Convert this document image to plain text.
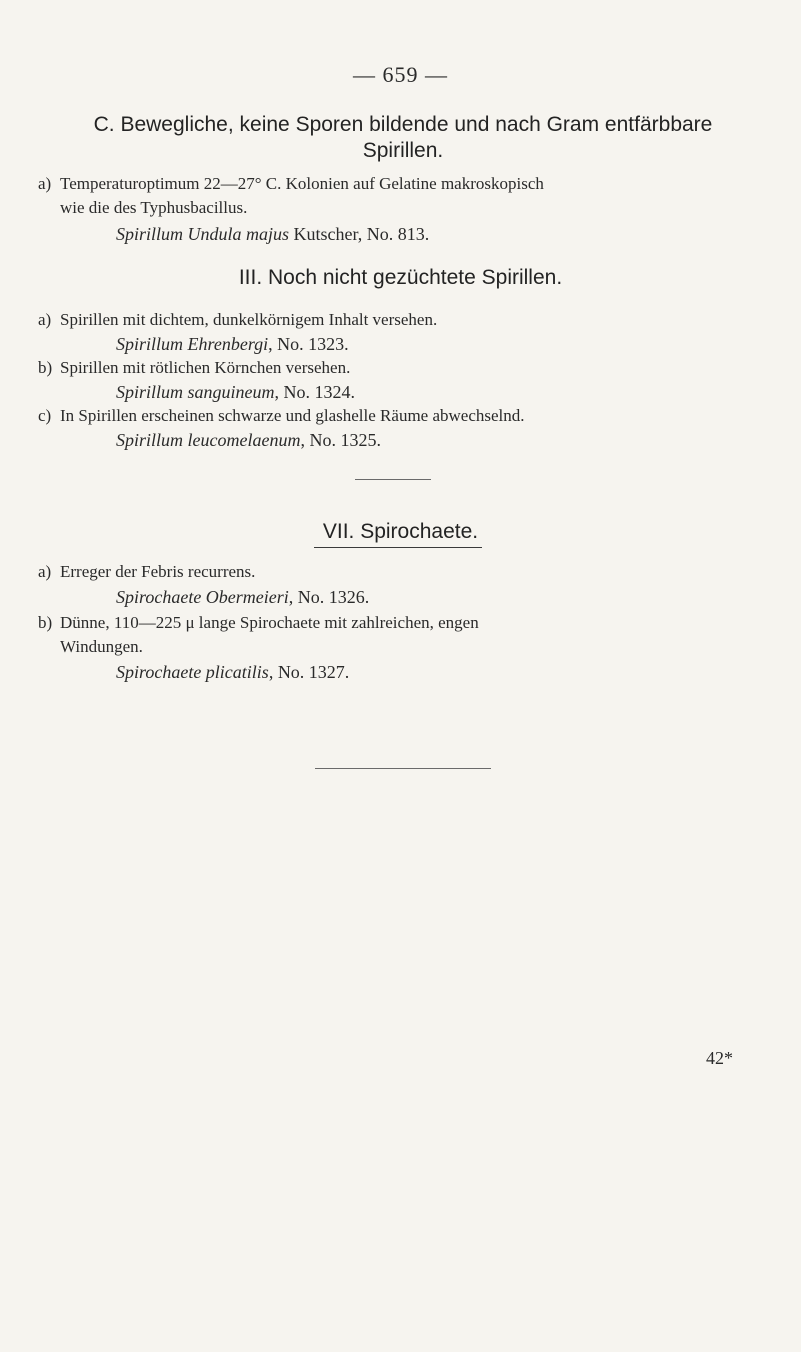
— 659 —
C. Bewegliche, keine Sporen bildende und nach Gram entfärbbare
Spirillen.
a) Temperaturoptimum 22—27° C. Kolonien auf Gelatine makroskopisch
wie die des Typhusbacillus.
Spirillum Undula majus Kutscher, No. 813.
III. Noch nicht gezüchtete Spirillen.
a) Spirillen mit dichtem, dunkelkörnigem Inhalt versehen.
Spirillum Ehrenbergi, No. 1323.
b) Spirillen mit rötlichen Körnchen versehen.
Spirillum sanguineum, No. 1324.
c) In Spirillen erscheinen schwarze und glashelle Räume abwechselnd.
Spirillum leucomelaenum, No. 1325.
VII. Spirochaete.
a) Erreger der Febris recurrens.
Spirochaete Obermeieri, No. 1326.
b) Dünne, 110—225 μ lange Spirochaete mit zahlreichen, engen
Windungen.
Spirochaete plicatilis, No. 1327.
42*
